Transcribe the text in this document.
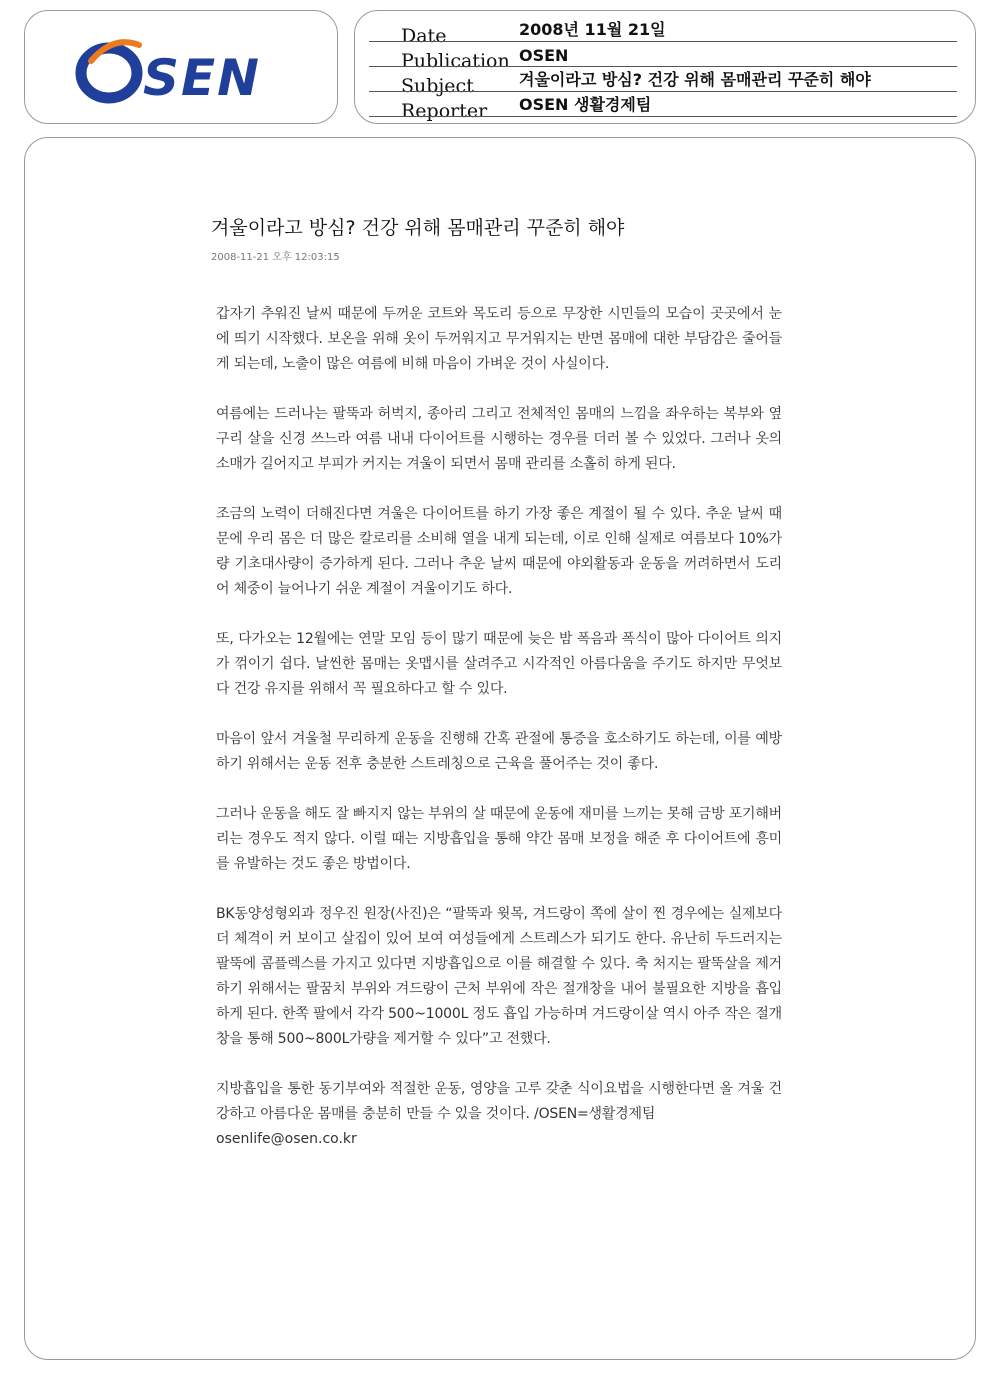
SEN
Date	2008년 11월 21일
Publication OSEN
Subject	겨울이라고 방심? 건강 위해 몸매관리 꾸준히 해야
Reporter OSEN 생활경제팀
겨울이라고 방심? 건강 위해 몸매관리 꾸준히 해야
2008-11-21 오후 12:03:15

갑자기 추워진 날씨 때문에 두꺼운 코트와 목도리 등으로 무장한 시민들의 모습이 곳곳에서 눈에 띄기 시작했다. 보온을 위해 옷이 두꺼워지고 무거워지는 반면 몸매에 대한 부담감은 줄어들게 되는데, 노출이 많은 여름에 비해 마음이 가벼운 것이 사실이다.

여름에는 드러나는 팔뚝과 허벅지, 종아리 그리고 전체적인 몸매의 느낌을 좌우하는 복부와 옆구리 살을 신경 쓰느라 여름 내내 다이어트를 시행하는 경우를 더러 볼 수 있었다. 그러나 옷의 소매가 길어지고 부피가 커지는 겨울이 되면서 몸매 관리를 소홀히 하게 된다.

조금의 노력이 더해진다면 겨울은 다이어트를 하기 가장 좋은 계절이 될 수 있다. 추운 날씨 때문에 우리 몸은 더 많은 칼로리를 소비해 열을 내게 되는데, 이로 인해 실제로 여름보다 10%가량 기초대사량이 증가하게 된다. 그러나 추운 날씨 때문에 야외활동과 운동을 꺼려하면서 도리어 체중이 늘어나기 쉬운 계절이 겨울이기도 하다.

또, 다가오는 12월에는 연말 모임 등이 많기 때문에 늦은 밤 폭음과 폭식이 많아 다이어트 의지가 꺾이기 쉽다. 날씬한 몸매는 옷맵시를 살려주고 시각적인 아름다움을 주기도 하지만 무엇보다 건강 유지를 위해서 꼭 필요하다고 할 수 있다.

마음이 앞서 겨울철 무리하게 운동을 진행해 간혹 관절에 통증을 호소하기도 하는데, 이를 예방하기 위해서는 운동 전후 충분한 스트레칭으로 근육을 풀어주는 것이 좋다.

그러나 운동을 해도 잘 빠지지 않는 부위의 살 때문에 운동에 재미를 느끼는 못해 금방 포기해버리는 경우도 적지 않다. 이럴 때는 지방흡입을 통해 약간 몸매 보정을 해준 후 다이어트에 흥미를 유발하는 것도 좋은 방법이다.

BK동양성형외과 정우진 원장(사진)은 “팔뚝과 윗목, 겨드랑이 쪽에 살이 찐 경우에는 실제보다 더 체격이 커 보이고 살집이 있어 보여 여성들에게 스트레스가 되기도 한다. 유난히 두드러지는 팔뚝에 콤플렉스를 가지고 있다면 지방흡입으로 이를 해결할 수 있다. 축 처지는 팔뚝살을 제거하기 위해서는 팔꿈치 부위와 겨드랑이 근처 부위에 작은 절개창을 내어 불필요한 지방을 흡입하게 된다. 한쪽 팔에서 각각 500~1000L 정도 흡입 가능하며 겨드랑이살 역시 아주 작은 절개창을 통해 500~800L가량을 제거할 수 있다”고 전했다.

지방흡입을 통한 동기부여와 적절한 운동, 영양을 고루 갖춘 식이요법을 시행한다면 올 겨울 건강하고 아름다운 몸매를 충분히 만들 수 있을 것이다. /OSEN=생활경제팀

osenlife@osen.co.kr
